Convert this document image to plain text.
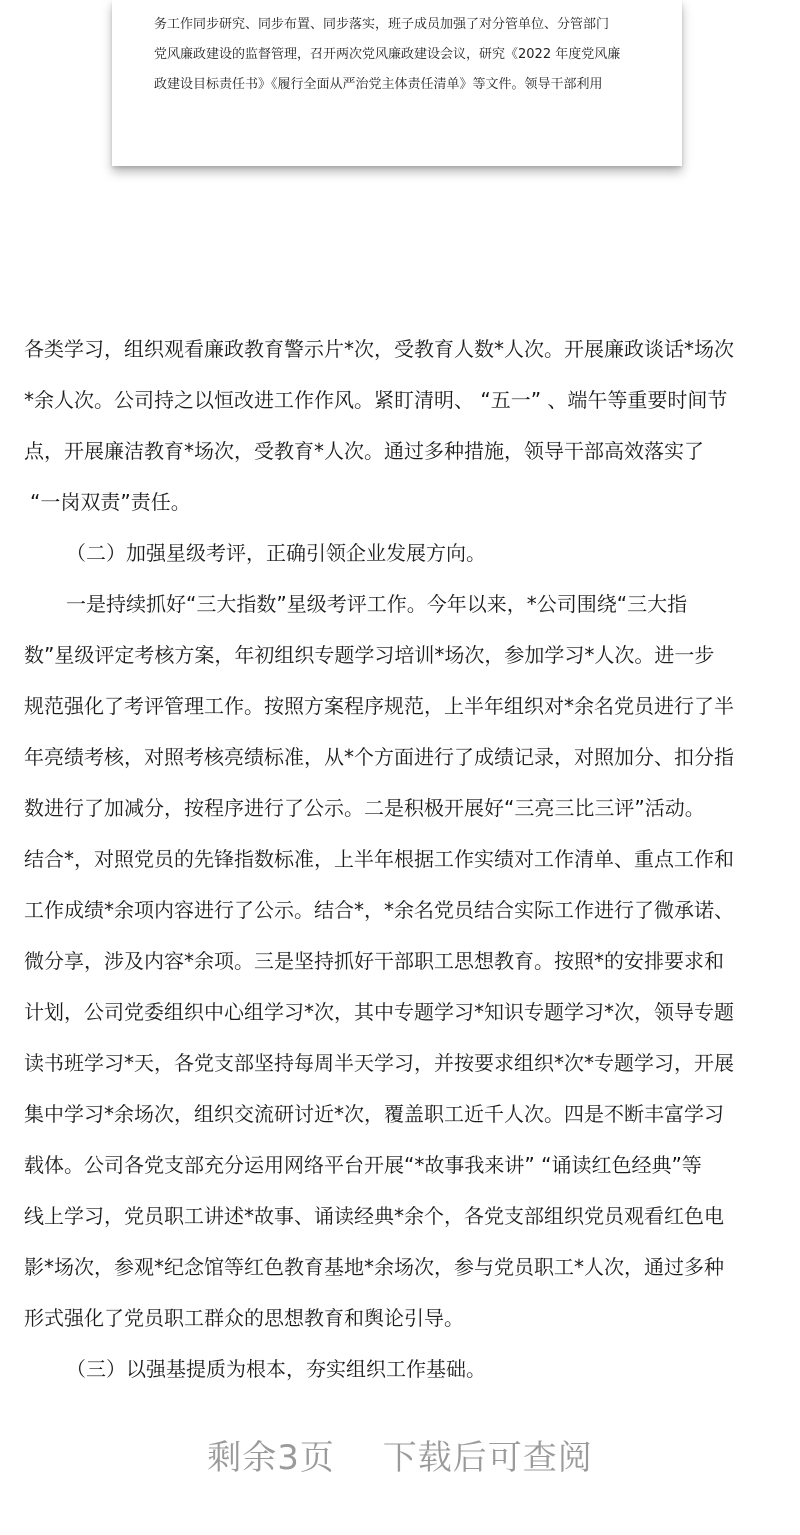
务工作同步研究、同步布置、同步落实，班子成员加强了对分管单位、分管部门

党风廉政建设的监督管理，召开两次党风廉政建设会议，研究《2022 年度党风廉

政建设目标责任书》《履行全面从严治党主体责任清单》等文件。领导干部利用

各类学习，组织观看廉政教育警示片*次，受教育人数*人次。开展廉政谈话*场次

*余人次。公司持之以恒改进工作作风。紧盯清明、 “五一” 、端午等重要时间节

点，开展廉洁教育*场次，受教育*人次。通过多种措施，领导干部高效落实了

“一岗双责”责任。

（二）加强星级考评，正确引领企业发展方向。

一是持续抓好“三大指数”星级考评工作。今年以来，*公司围绕“三大指

数”星级评定考核方案，年初组织专题学习培训*场次，参加学习*人次。进一步

规范强化了考评管理工作。按照方案程序规范，上半年组织对*余名党员进行了半

年亮绩考核，对照考核亮绩标准，从*个方面进行了成绩记录，对照加分、扣分指

数进行了加减分，按程序进行了公示。二是积极开展好“三亮三比三评”活动。

结合*，对照党员的先锋指数标准，上半年根据工作实绩对工作清单、重点工作和

工作成绩*余项内容进行了公示。结合*，*余名党员结合实际工作进行了微承诺、

微分享，涉及内容*余项。三是坚持抓好干部职工思想教育。按照*的安排要求和

计划，公司党委组织中心组学习*次，其中专题学习*知识专题学习*次，领导专题

读书班学习*天，各党支部坚持每周半天学习，并按要求组织*次*专题学习，开展

集中学习*余场次，组织交流研讨近*次，覆盖职工近千人次。四是不断丰富学习

载体。公司各党支部充分运用网络平台开展“*故事我来讲” “诵读红色经典”等

线上学习，党员职工讲述*故事、诵读经典*余个，各党支部组织党员观看红色电

影*场次，参观*纪念馆等红色教育基地*余场次，参与党员职工*人次，通过多种

形式强化了党员职工群众的思想教育和舆论引导。

（三）以强基提质为根本，夯实组织工作基础。

剩余3页 下载后可查阅
